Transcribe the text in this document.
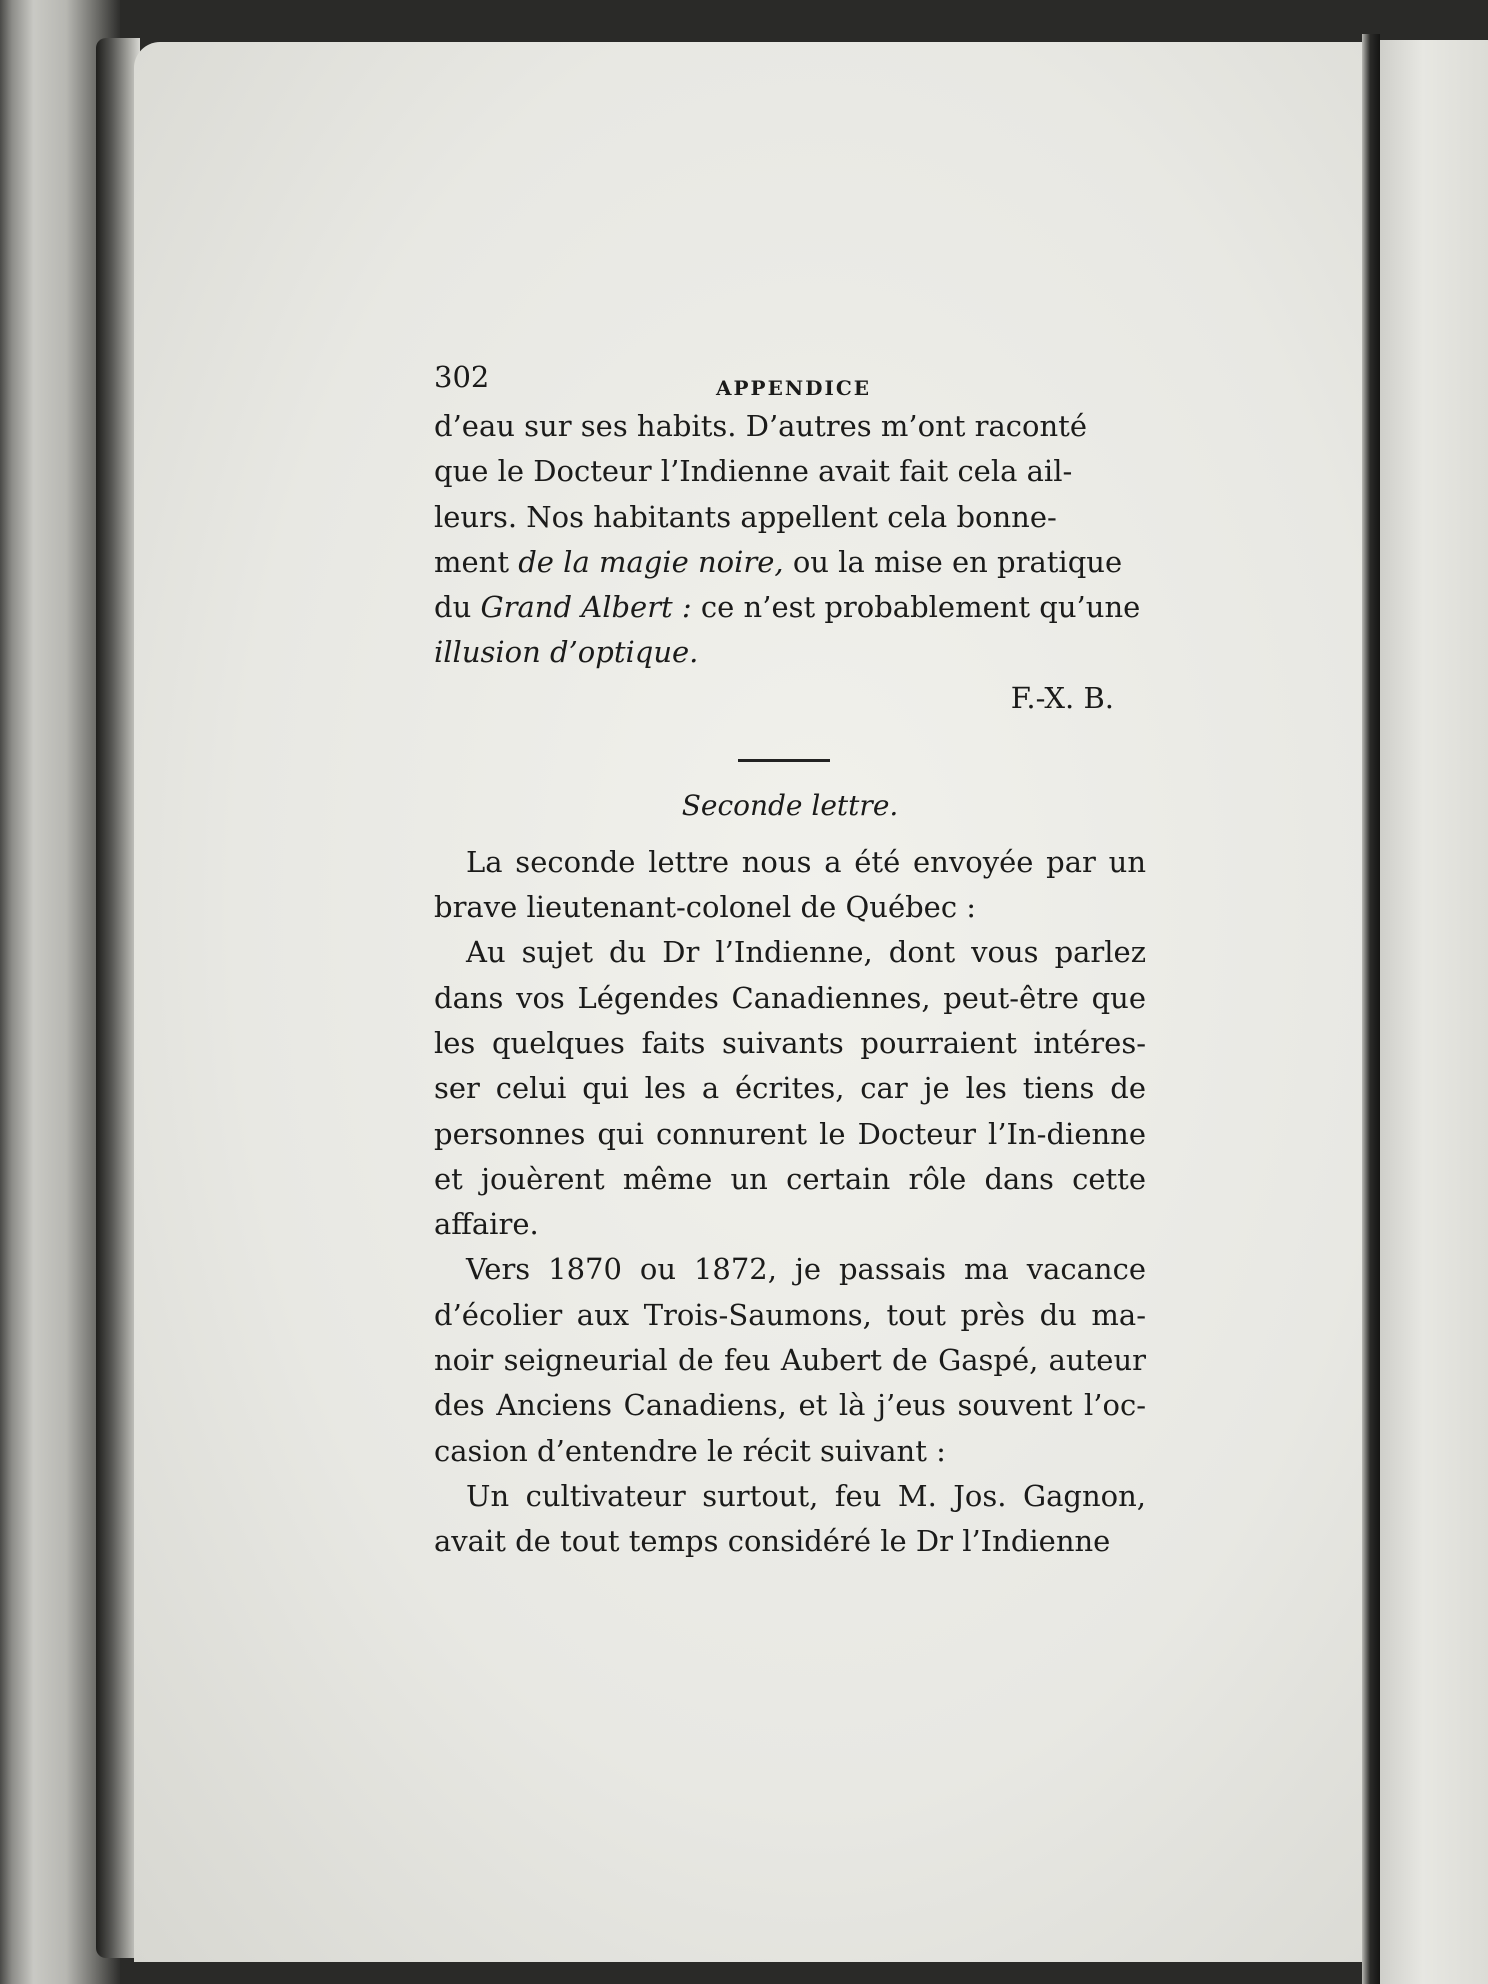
302	APPENDICE

d’eau sur ses habits. D’autres m’ont raconté

que le Docteur l’Indienne avait fait cela ail-

leurs. Nos habitants appellent cela bonne-

ment de la magie noire, ou la mise en pratique

du Grand Albert : ce n’est probablement qu’une

illusion d’optique.

F.-X. B.

Seconde lettre.

La seconde lettre nous a été envoyée par un brave lieutenant-colonel de Québec :

Au sujet du Dr l’Indienne, dont vous parlez dans vos Légendes Canadiennes, peut-être que les quelques faits suivants pourraient intéres-ser celui qui les a écrites, car je les tiens de personnes qui connurent le Docteur l’In-dienne et jouèrent même un certain rôle dans cette affaire.

Vers 1870 ou 1872, je passais ma vacance d’écolier aux Trois-Saumons, tout près du ma-noir seigneurial de feu Aubert de Gaspé, auteur des Anciens Canadiens, et là j’eus souvent l’oc-casion d’entendre le récit suivant :

Un cultivateur surtout, feu M. Jos. Gagnon, avait de tout temps considéré le Dr l’Indienne
